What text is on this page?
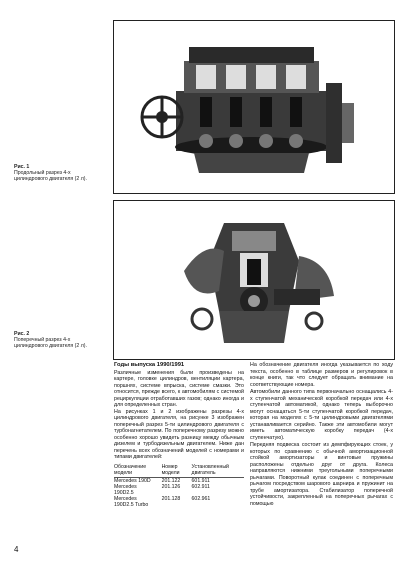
Рис. 1
Продольный разрез 4-х цилиндрового двигателя (2 л).
Рис. 2
Поперечный разрез 4-х цилиндрового двигателя (2 л).
Годы выпуска 1990/1991

Различные изменения были произведены на картере, головке цилиндров, вентиляции картера, поршнях, системе впрыска, системе смазки. Это относится, прежде всего, к автомобилям с системой рециркуляции отработавших газов; однако иногда и для определенных стран.

На рисунках 1 и 2 изображены разрезы 4-х цилиндрового двигателя, на рисунке 3 изображен поперечный разрез 5-ти цилиндрового двигателя с турбонагнетателем. По поперечному разрезу можно особенно хорошо увидеть разницу между обычным дизелем и турбодизельным двигателем. Ниже дан перечень всех обозначений моделей с номерами и типами двигателей:

Обозначение модели	Номер модели	Установленный двигатель
Mercedes 190D	201.122	601.911
Mercedes 190D2.5	201.126	602.911
Mercedes 190D2.5 Turbo	201.128	602.961

На обозначение двигателя иногда указывается по ходу текста, особенно в таблице размеров и регулировок в конце книги, так что следует обращать внимание на соответствующие номера.

Автомобили данного типа первоначально оснащались 4-х ступенчатой механической коробкой передач или 4-х ступенчатой автоматикой, однако теперь выборочно могут оснащаться 5-ти ступенчатой коробкой передач, которая на моделях с 5-ти цилиндровыми двигателями устанавливается серийно. Также эти автомобили могут иметь автоматическую коробку передач (4-х ступенчатую).

Передняя подвеска состоит из демпфирующих стоек, у которых по сравнению с обычной амортизационной стойкой амортизаторы и винтовые пружины расположены отдельно друг от друга. Колеса направляются нижними треугольными поперечными рычагами. Поворотный кулак соединен с поперечным рычагом посредством шарового шарнира и пружинит на трубе амортизатора. Стабилизатор поперечной устойчивости, закрепленный на поперечных рычагах с помощью

4
